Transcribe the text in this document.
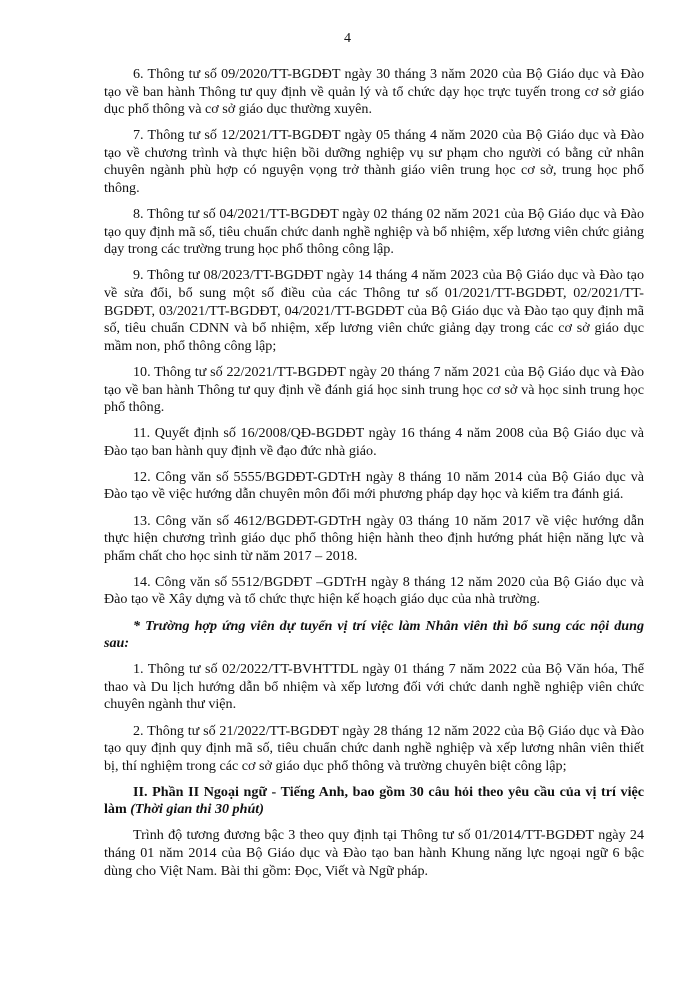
4

6. Thông tư số 09/2020/TT-BGDĐT ngày 30 tháng 3 năm 2020 của Bộ Giáo dục và Đào tạo về ban hành Thông tư quy định về quản lý và tổ chức dạy học trực tuyến trong cơ sở giáo dục phổ thông và cơ sở giáo dục thường xuyên.

7. Thông tư số 12/2021/TT-BGDĐT ngày 05 tháng 4 năm 2020 của Bộ Giáo dục và Đào tạo về chương trình và thực hiện bồi dưỡng nghiệp vụ sư phạm cho người có bằng cử nhân chuyên ngành phù hợp có nguyện vọng trở thành giáo viên trung học cơ sở, trung học phổ thông.

8. Thông tư số 04/2021/TT-BGDĐT ngày 02 tháng 02 năm 2021 của Bộ Giáo dục và Đào tạo quy định mã số, tiêu chuẩn chức danh nghề nghiệp và bổ nhiệm, xếp lương viên chức giảng dạy trong các trường trung học phổ thông công lập.

9. Thông tư 08/2023/TT-BGDĐT ngày 14 tháng 4 năm 2023 của Bộ Giáo dục và Đào tạo về sửa đổi, bổ sung một số điều của các Thông tư số 01/2021/TT-BGDĐT, 02/2021/TT-BGDĐT, 03/2021/TT-BGDĐT, 04/2021/TT-BGDĐT của Bộ Giáo dục và Đào tạo quy định mã số, tiêu chuẩn CDNN và bổ nhiệm, xếp lương viên chức giảng dạy trong các cơ sở giáo dục mầm non, phổ thông công lập;

10. Thông tư số 22/2021/TT-BGDĐT ngày 20 tháng 7 năm 2021 của Bộ Giáo dục và Đào tạo về ban hành Thông tư quy định về đánh giá học sinh trung học cơ sở và học sinh trung học phổ thông.

11. Quyết định số 16/2008/QĐ-BGDĐT ngày 16 tháng 4 năm 2008 của Bộ Giáo dục và Đào tạo ban hành quy định về đạo đức nhà giáo.

12. Công văn số 5555/BGDĐT-GDTrH ngày 8 tháng 10 năm 2014 của Bộ Giáo dục và Đào tạo về việc hướng dẫn chuyên môn đổi mới phương pháp dạy học và kiểm tra đánh giá.

13. Công văn số 4612/BGDĐT-GDTrH ngày 03 tháng 10 năm 2017 về việc hướng dẫn thực hiện chương trình giáo dục phổ thông hiện hành theo định hướng phát hiện năng lực và phẩm chất cho học sinh từ năm 2017 – 2018.

14. Công văn số 5512/BGDĐT –GDTrH ngày 8 tháng 12 năm 2020 của Bộ Giáo dục và Đào tạo về Xây dựng và tổ chức thực hiện kế hoạch giáo dục của nhà trường.

* Trường hợp ứng viên dự tuyển vị trí việc làm Nhân viên thì bổ sung các nội dung sau:

1. Thông tư số 02/2022/TT-BVHTTDL ngày 01 tháng 7 năm 2022 của Bộ Văn hóa, Thể thao và Du lịch hướng dẫn bổ nhiệm và xếp lương đối với chức danh nghề nghiệp viên chức chuyên ngành thư viện.

2. Thông tư số 21/2022/TT-BGDĐT ngày 28 tháng 12 năm 2022 của Bộ Giáo dục và Đào tạo quy định quy định mã số, tiêu chuẩn chức danh nghề nghiệp và xếp lương nhân viên thiết bị, thí nghiệm trong các cơ sở giáo dục phổ thông và trường chuyên biệt công lập;

II. Phần II Ngoại ngữ - Tiếng Anh, bao gồm 30 câu hỏi theo yêu cầu của vị trí việc làm (Thời gian thi 30 phút)

Trình độ tương đương bậc 3 theo quy định tại Thông tư số 01/2014/TT-BGDĐT ngày 24 tháng 01 năm 2014 của Bộ Giáo dục và Đào tạo ban hành Khung năng lực ngoại ngữ 6 bậc dùng cho Việt Nam. Bài thi gồm: Đọc, Viết và Ngữ pháp.
